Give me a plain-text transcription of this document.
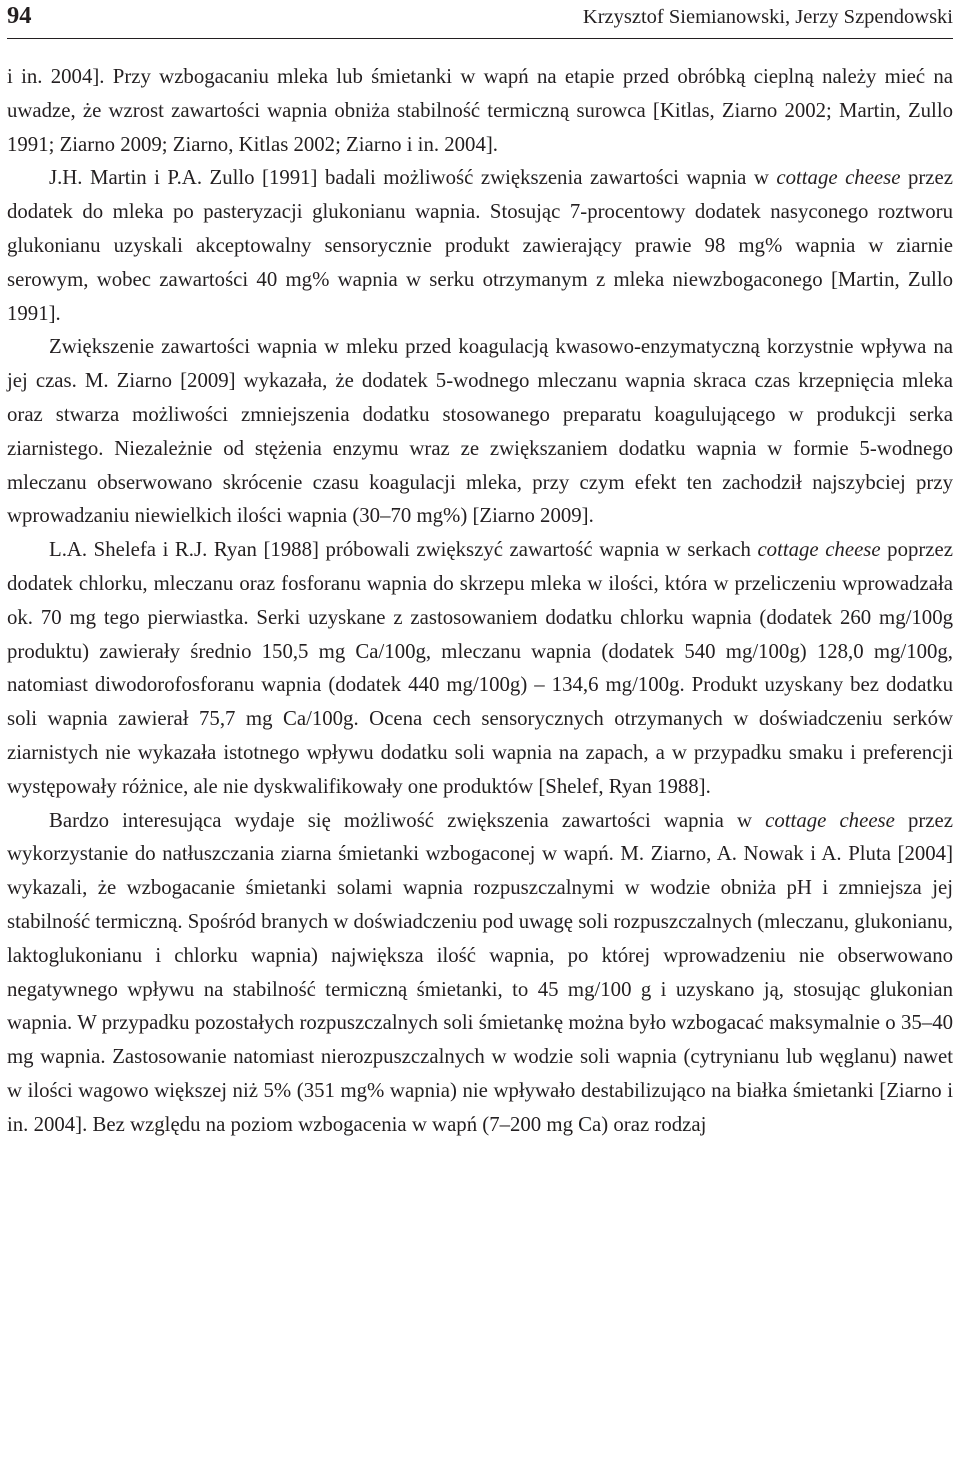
94	Krzysztof Siemianowski, Jerzy Szpendowski

i in. 2004]. Przy wzbogacaniu mleka lub śmietanki w wapń na etapie przed obróbką cieplną należy mieć na uwadze, że wzrost zawartości wapnia obniża stabilność termiczną surowca [Kitlas, Ziarno 2002; Martin, Zullo 1991; Ziarno 2009; Ziarno, Kitlas 2002; Ziarno i in. 2004].

J.H. Martin i P.A. Zullo [1991] badali możliwość zwiększenia zawartości wapnia w cottage cheese przez dodatek do mleka po pasteryzacji glukonianu wapnia. Stosując 7-procentowy dodatek nasyconego roztworu glukonianu uzyskali akceptowalny sensorycznie produkt zawierający prawie 98 mg% wapnia w ziarnie serowym, wobec zawartości 40 mg% wapnia w serku otrzymanym z mleka niewzbogaconego [Martin, Zullo 1991].

Zwiększenie zawartości wapnia w mleku przed koagulacją kwasowo-enzymatyczną korzystnie wpływa na jej czas. M. Ziarno [2009] wykazała, że dodatek 5-wodnego mleczanu wapnia skraca czas krzepnięcia mleka oraz stwarza możliwości zmniejszenia dodatku stosowanego preparatu koagulującego w produkcji serka ziarnistego. Niezależnie od stężenia enzymu wraz ze zwiększaniem dodatku wapnia w formie 5-wodnego mleczanu obserwowano skrócenie czasu koagulacji mleka, przy czym efekt ten zachodził najszybciej przy wprowadzaniu niewielkich ilości wapnia (30–70 mg%) [Ziarno 2009].

L.A. Shelefa i R.J. Ryan [1988] próbowali zwiększyć zawartość wapnia w serkach cottage cheese poprzez dodatek chlorku, mleczanu oraz fosforanu wapnia do skrzepu mleka w ilości, która w przeliczeniu wprowadzała ok. 70 mg tego pierwiastka. Serki uzyskane z zastosowaniem dodatku chlorku wapnia (dodatek 260 mg/100g produktu) zawierały średnio 150,5 mg Ca/100g, mleczanu wapnia (dodatek 540 mg/100g) 128,0 mg/100g, natomiast diwodorofosforanu wapnia (dodatek 440 mg/100g) – 134,6 mg/100g. Produkt uzyskany bez dodatku soli wapnia zawierał 75,7 mg Ca/100g. Ocena cech sensorycznych otrzymanych w doświadczeniu serków ziarnistych nie wykazała istotnego wpływu dodatku soli wapnia na zapach, a w przypadku smaku i preferencji występowały różnice, ale nie dyskwalifikowały one produktów [Shelef, Ryan 1988].

Bardzo interesująca wydaje się możliwość zwiększenia zawartości wapnia w cottage cheese przez wykorzystanie do natłuszczania ziarna śmietanki wzbogaconej w wapń. M. Ziarno, A. Nowak i A. Pluta [2004] wykazali, że wzbogacanie śmietanki solami wapnia rozpuszczalnymi w wodzie obniża pH i zmniejsza jej stabilność termiczną. Spośród branych w doświadczeniu pod uwagę soli rozpuszczalnych (mleczanu, glukonianu, laktoglukonianu i chlorku wapnia) największa ilość wapnia, po której wprowadzeniu nie obserwowano negatywnego wpływu na stabilność termiczną śmietanki, to 45 mg/100 g i uzyskano ją, stosując glukonian wapnia. W przypadku pozostałych rozpuszczalnych soli śmietankę można było wzbogacać maksymalnie o 35–40 mg wapnia. Zastosowanie natomiast nierozpuszczalnych w wodzie soli wapnia (cytrynianu lub węglanu) nawet w ilości wagowo większej niż 5% (351 mg% wapnia) nie wpływało destabilizująco na białka śmietanki [Ziarno i in. 2004]. Bez względu na poziom wzbogacenia w wapń (7–200 mg Ca) oraz rodzaj
